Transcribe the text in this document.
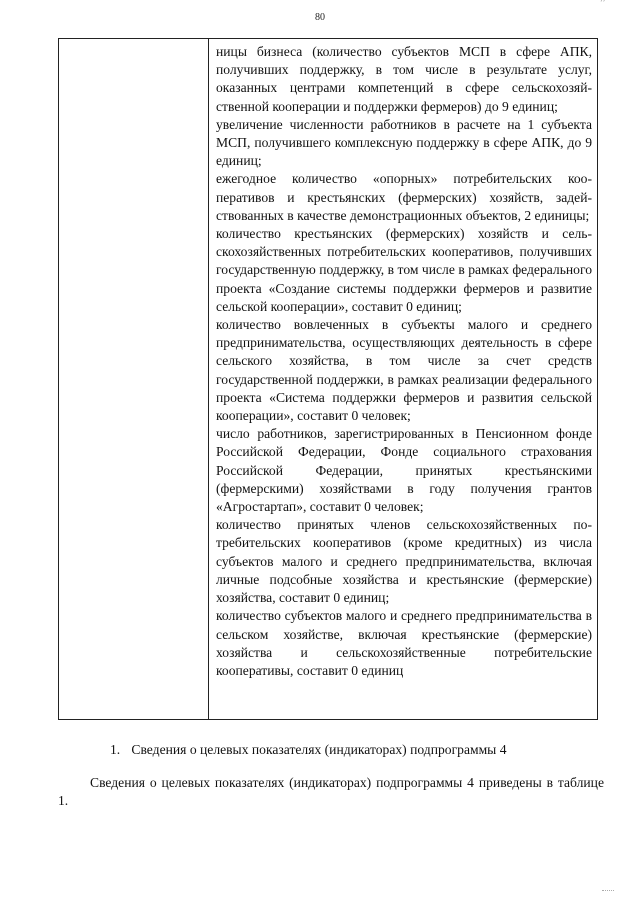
80
ʼʼ

ницы бизнеса (количество субъектов МСП в сфере АПК, получивших поддержку, в том числе в результате услуг, оказанных центрами компетенций в сфере сельскохозяйственной кооперации и поддержки фермеров) до 9 единиц;

увеличение численности работников в расчете на 1 субъекта МСП, получившего комплексную поддержку в сфере АПК, до 9 единиц;

ежегодное количество «опорных» потребительских кооперативов и крестьянских (фермерских) хозяйств, задействованных в качестве демонстрационных объектов, 2 единицы;

количество крестьянских (фермерских) хозяйств и сельскохозяйственных потребительских кооперативов, получивших государственную поддержку, в том числе в рамках федерального проекта «Создание системы поддержки фермеров и развитие сельской кооперации», составит 0 единиц;

количество вовлеченных в субъекты малого и среднего предпринимательства, осуществляющих деятельность в сфере сельского хозяйства, в том числе за счет средств государственной поддержки, в рамках реализации федерального проекта «Система поддержки фермеров и развития сельской кооперации», составит 0 человек;

число работников, зарегистрированных в Пенсионном фонде Российской Федерации, Фонде социального страхования Российской Федерации, принятых крестьянскими (фермерскими) хозяйствами в году получения грантов «Агростартап», составит 0 человек;

количество принятых членов сельскохозяйственных потребительских кооперативов (кроме кредитных) из числа субъектов малого и среднего предпринимательства, включая личные подсобные хозяйства и крестьянские (фермерские) хозяйства, составит 0 единиц;

количество субъектов малого и среднего предпринимательства в сельском хозяйстве, включая крестьянские (фермерские) хозяйства и сельскохозяйственные потребительские кооперативы, составит 0 единиц

1. Сведения о целевых показателях (индикаторах) подпрограммы 4
Сведения о целевых показателях (индикаторах) подпрограммы 4 приведены в таблице 1.
